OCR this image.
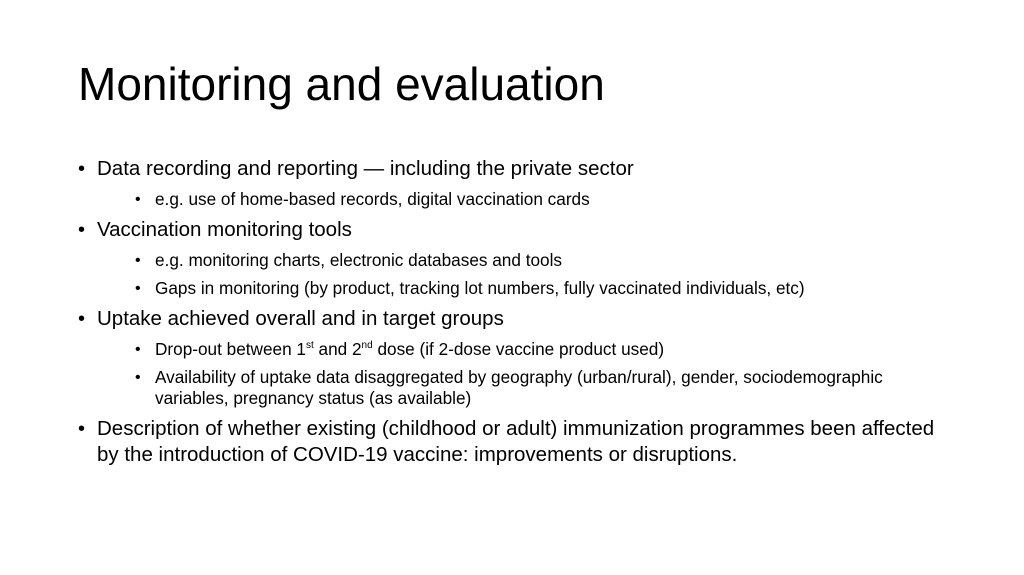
Monitoring and evaluation
• Data recording and reporting — including the private sector
• e.g. use of home-based records, digital vaccination cards
• Vaccination monitoring tools
• e.g. monitoring charts, electronic databases and tools
• Gaps in monitoring (by product, tracking lot numbers, fully vaccinated individuals, etc)
• Uptake achieved overall and in target groups
• Drop-out between 1st and 2nd dose (if 2-dose vaccine product used)
• Availability of uptake data disaggregated by geography (urban/rural), gender, sociodemographic variables, pregnancy status (as available)
• Description of whether existing (childhood or adult) immunization programmes been affected by the introduction of COVID-19 vaccine: improvements or disruptions.
